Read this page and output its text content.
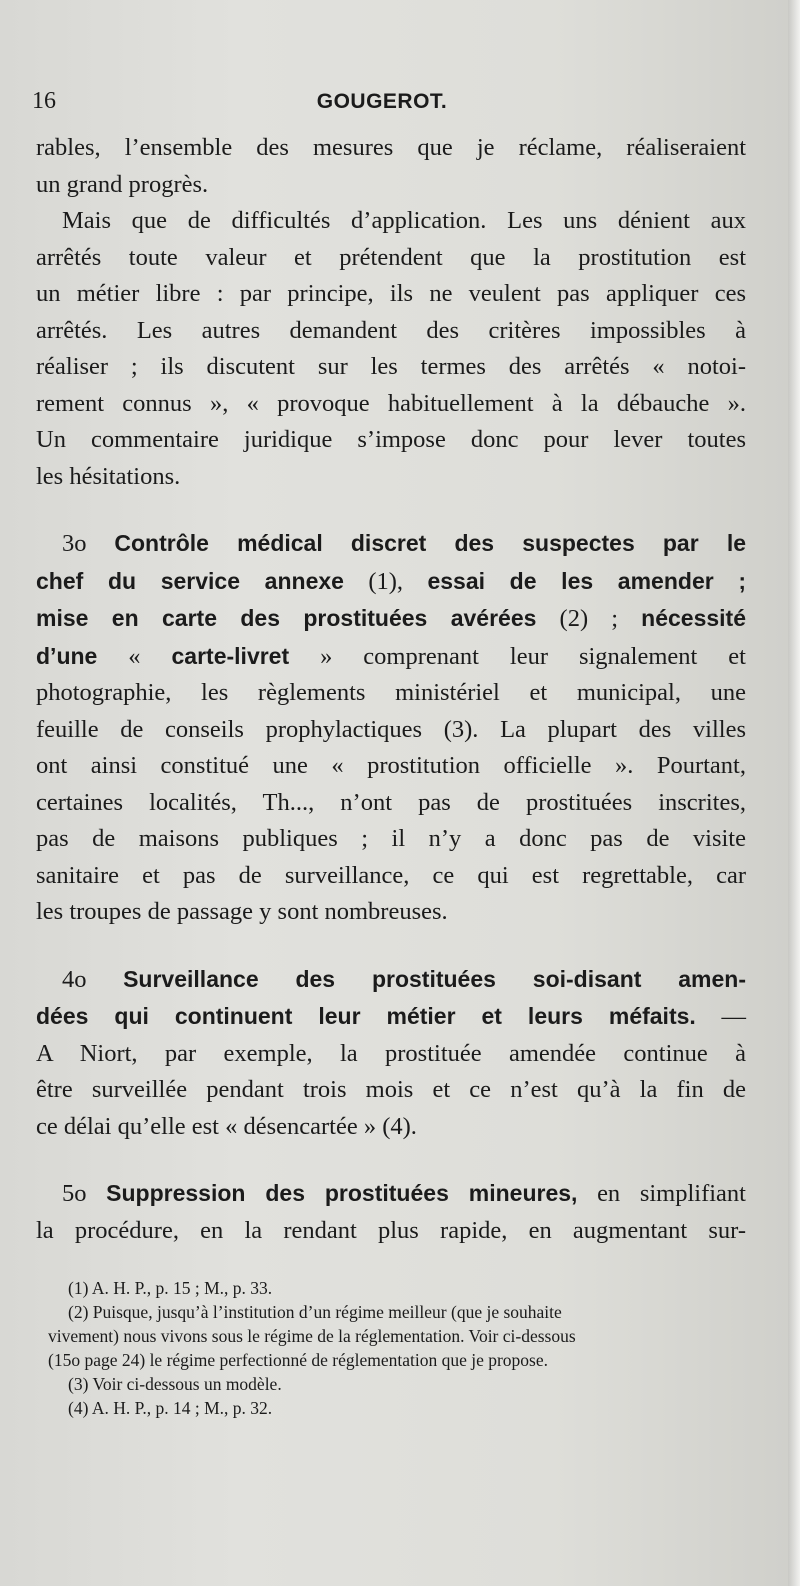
16	GOUGEROT.
rables, l’ensemble des mesures que je réclame, réaliseraient
un grand progrès.
Mais que de difficultés d’application. Les uns dénient aux
arrêtés toute valeur et prétendent que la prostitution est
un métier libre : par principe, ils ne veulent pas appliquer ces
arrêtés. Les autres demandent des critères impossibles à
réaliser ; ils discutent sur les termes des arrêtés « notoi-
rement connus », « provoque habituellement à la débauche ».
Un commentaire juridique s’impose donc pour lever toutes
les hésitations.
3o Contrôle médical discret des suspectes par le
chef du service annexe (1), essai de les amender ;
mise en carte des prostituées avérées (2) ; nécessité
d’une « carte-livret » comprenant leur signalement et
photographie, les règlements ministériel et municipal, une
feuille de conseils prophylactiques (3). La plupart des villes
ont ainsi constitué une « prostitution officielle ». Pourtant,
certaines localités, Th..., n’ont pas de prostituées inscrites,
pas de maisons publiques ; il n’y a donc pas de visite
sanitaire et pas de surveillance, ce qui est regrettable, car
les troupes de passage y sont nombreuses.
4o Surveillance des prostituées soi-disant amen-
dées qui continuent leur métier et leurs méfaits. —
A Niort, par exemple, la prostituée amendée continue à
être surveillée pendant trois mois et ce n’est qu’à la fin de
ce délai qu’elle est « désencartée » (4).
5o Suppression des prostituées mineures, en simplifiant
la procédure, en la rendant plus rapide, en augmentant sur-
(1) A. H. P., p. 15 ; M., p. 33.
(2) Puisque, jusqu’à l’institution d’un régime meilleur (que je souhaite
vivement) nous vivons sous le régime de la réglementation. Voir ci-dessous
(15o page 24) le régime perfectionné de réglementation que je propose.
(3) Voir ci-dessous un modèle.
(4) A. H. P., p. 14 ; M., p. 32.
